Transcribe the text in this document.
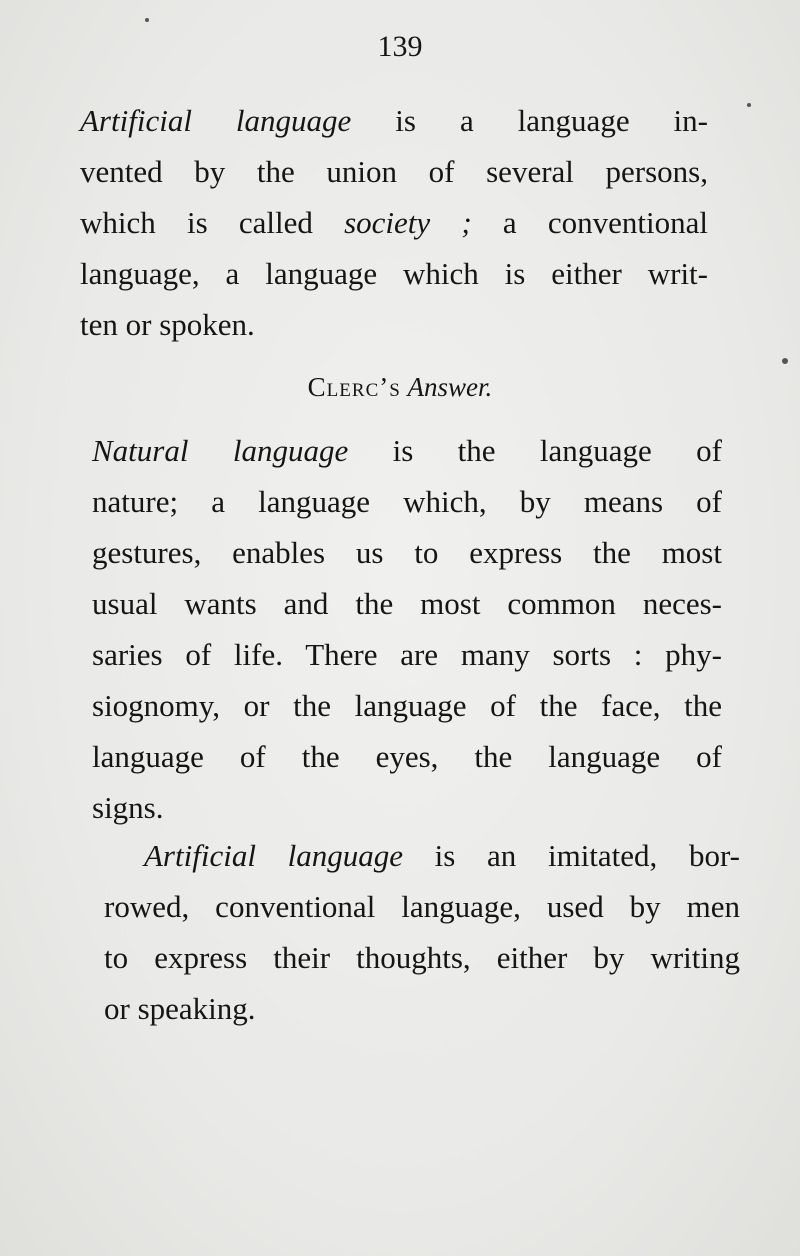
139
Artificial language is a language in-
vented by the union of several persons,
which is called society ; a conventional
language, a language which is either writ-
ten or spoken.
Clerc’s Answer.
Natural language is the language of
nature; a language which, by means of
gestures, enables us to express the most
usual wants and the most common neces-
saries of life. There are many sorts : phy-
siognomy, or the language of the face, the
language of the eyes, the language of
signs.
Artificial language is an imitated, bor-
rowed, conventional language, used by men
to express their thoughts, either by writing
or speaking.
